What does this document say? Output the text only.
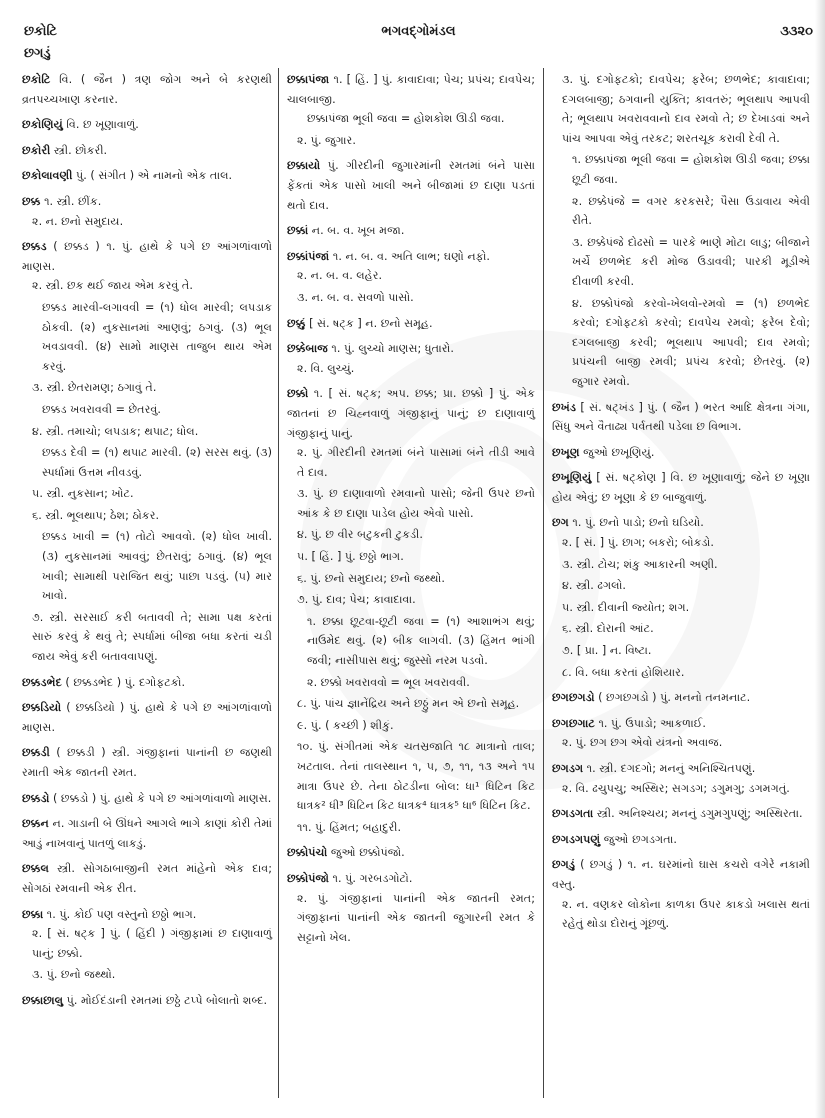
છકોટિ	ભગવદ્ગોમંડલ	૩૩૨૦
છગડું
છકોટિ વિ. ( જૈન ) ત્રણ જોગ અને બે કરણથી વ્રતપચ્ચખાણ કરનાર.
છકોણિયું વિ. છ ખૂણાવાળું.
છકોરી સ્ત્રી. છોકરી.
છકોલાવણી પું. ( સંગીત ) એ નામનો એક તાલ.
છક્ક ૧. સ્ત્રી. છીંક.
૨. ન. છનો સમુદાય.
છક્કડ ( છક્કડ ) ૧. પું. હાથે કે પગે છ આંગળાંવાળો માણસ.
૨. સ્ત્રી. છક થઈ જાય એમ કરવું તે.
છક્કડ મારવી-લગાવવી = (૧) ધોલ મારવી; લપડાક ઠોકવી. (૨) નુકસાનમાં આણવું; ઠગવું. (૩) ભૂલ ખવડાવવી. (૪) સામો માણસ તાજુબ થાય એમ કરવું.
૩. સ્ત્રી. છેતરામણ; ઠગાવું તે.
છક્કડ ખવરાવવી = છેતરવું.
૪. સ્ત્રી. તમાચો; લપડાક; થપાટ; ધોલ.
છક્કડ દેવી = (૧) થપાટ મારવી. (૨) સરસ થવું. (૩) સ્પર્ધામાં ઉત્તમ નીવડવું.
૫. સ્ત્રી. નુકસાન; ખોટ.
૬. સ્ત્રી. ભૂલથાપ; ઠેશ; ઠોકર.
છક્કડ ખાવી = (૧) તોટો આવવો. (૨) ધોલ ખાવી. (૩) નુકસાનમાં આવવું; છેતરાવું; ઠગાવું. (૪) ભૂલ ખાવી; સામાથી પરાજિત થવું; પાછા પડવું. (૫) માર ખાવો.
૭. સ્ત્રી. સરસાઈ કરી બતાવવી તે; સામા પક્ષ કરતાં સારું કરવું કે થવું તે; સ્પર્ધામાં બીજા બધા કરતાં ચડી જાય એવું કરી બતાવવાપણું.
છક્કડભેદ ( છક્કડભેદ ) પું. દગોફટકો.
છક્કડિયો ( છક્કડિયો ) પું. હાથે કે પગે છ આંગળાંવાળો માણસ.
છક્કડી ( છક્કડી ) સ્ત્રી. ગંજીફાનાં પાનાંની છ જણથી રમાતી એક જાતની રમત.
છક્કડો ( છક્કડો ) પું. હાથે કે પગે છ આંગળાંવાળો માણસ.
છક્કન ન. ગાડાની બે ઊંધને આગલે ભાગે કાણાં કોરી તેમાં આડું નાખવાનું પાતળું લાકડું.
છક્કલ સ્ત્રી. સોગઠાબાજીની રમત માંહેનો એક દાવ; સોગઠાં રમવાની એક રીત.
છક્કા ૧. પું. કોઈ પણ વસ્તુનો છઠ્ઠો ભાગ.
૨. [ સં. ષટ્ક ] પું. ( હિંદી ) ગંજીફામાં છ દાણાવાળું પાનું; છક્કો.
૩. પું. છનો જથ્થો.
છક્કાછાલુ પું. મોઈદંડાની રમતમાં છઠ્ઠે ટપ્પે બોલાતો શબ્દ.
છક્કાપંજા ૧. [ હિં. ] પું. કાવાદાવા; પેચ; પ્રપંચ; દાવપેચ; ચાલબાજી.
છક્કાપંજા ભૂલી જવા = હોશકોશ ઊડી જવા.
૨. પું. જુગાર.
છક્કાયો પું. ગીરદીની જુગારમાંની રમતમાં બંને પાસા ફેંકતાં એક પાસો ખાલી અને બીજામાં છ દાણા પડતાં થતો દાવ.
છક્કાં ન. બ. વ. ખૂબ મજા.
છક્કાંપંજાં ૧. ન. બ. વ. અતિ લાભ; ઘણો નફો.
૨. ન. બ. વ. લહેર.
૩. ન. બ. વ. સવળો પાસો.
છક્કું [ સં. ષટ્ક ] ન. છનો સમૂહ.
છક્કેબાજ ૧. પું. લુચ્ચો માણસ; ધુતારો.
૨. વિ. લુચ્ચું.
છક્કો ૧. [ સં. ષટ્ક; અપ. છક્ક; પ્રા. છક્કો ] પું. એક જાતનાં છ ચિહ્નવાળું ગંજીફાનું પાનું; છ દાણાવાળું ગંજીફાનું પાનું.
૨. પું. ગીરદીની રમતમાં બંને પાસામાં બંને તીડી આવે તે દાવ.
૩. પું. છ દાણાવાળો રમવાનો પાસો; જેની ઉપર છનો આંક કે છ દાણા પાડેલ હોય એવો પાસો.
૪. પું. છ વીર બટુકની ટુકડી.
૫. [ હિં. ] પું. છઠ્ઠો ભાગ.
૬. પું. છનો સમુદાય; છનો જથ્થો.
૭. પું. દાવ; પેચ; કાવાદાવા.
૧. છક્કા છૂટવા-છૂટી જવા = (૧) આશાભંગ થવું; નાઉમેદ થવું. (૨) બીક લાગવી. (૩) હિંમત ભાંગી જવી; નાસીપાસ થવું; જુસ્સો નરમ પડવો.
૨. છક્કો ખવરાવવો = ભૂલ ખવરાવવી.
૮. પું. પાંચ જ્ઞાનેંદ્રિય અને છઠ્ઠું મન એ છનો સમૂહ.
૯. પું. ( કચ્છી ) શીકું.
૧૦. પું. સંગીતમાં એક ચતસ્રજાતિ ૧૮ માત્રાનો તાલ; ખટતાલ. તેનાં તાલસ્થાન ૧, ૫, ૭, ૧૧, ૧૩ અને ૧૫ માત્રા ઉપર છે. તેના ઠોટડીના બોલ: ધા¹ ધિટિન કિટ ધાત્રક² ધી³ ધિટિન કિટ ધાત્રક⁴ ધાત્રક⁵ ધા⁶ ધિટિન કિટ.
૧૧. પું. હિંમત; બહાદુરી.
છક્કોપંચો જુઓ છક્કોપંજો.
છક્કોપંજો ૧. પું. ગરબડગોટો.
૨. પું. ગંજીફાનાં પાનાંની એક જાતની રમત; ગંજીફાનાં પાનાંની એક જાતની જુગારની રમત કે સટ્ટાનો ખેલ.
૩. પું. દગોફટકો; દાવપેચ; ફરેબ; છળભેદ; કાવાદાવા; દગલબાજી; ઠગવાની યુક્તિ; કાવતરું; ભૂલથાપ આપવી તે; ભૂલથાપ ખવરાવવાનો દાવ રમવો તે; છ દેખાડવાં અને પાંચ આપવા એવું તરકટ; શરતચૂક કરાવી દેવી તે.
૧. છક્કાપંજા ભૂલી જવા = હોશકોશ ઊડી જવા; છક્કા છૂટી જવા.
૨. છક્કેપંજે = વગર કરકસરે; પૈસા ઉડાવાય એવી રીતે.
૩. છક્કેપંજે દોઢસો = પારકે ભાણે મોટા લાડુ; બીજાને ખર્ચે છળભેદ કરી મોજ ઉડાવવી; પારકી મૂડીએ દીવાળી કરવી.
૪. છક્કોપંજો કરવો-ખેલવો-રમવો = (૧) છળભેદ કરવો; દગોફટકો કરવો; દાવપેચ રમવો; ફરેબ દેવો; દગલબાજી કરવી; ભૂલથાપ આપવી; દાવ રમવો; પ્રપંચની બાજી રમવી; પ્રપંચ કરવો; છેતરવું. (૨) જુગાર રમવો.
છખંડ [ સં. ષટ્ખંડ ] પું. ( જૈન ) ભરત આદિ ક્ષેત્રના ગંગા, સિંધુ અને વૈતાઢ્ય પર્વતથી પડેલા છ વિભાગ.
છખૂણ જુઓ છખૂણિયું.
છખૂણિયું [ સં. ષટ્કોણ ] વિ. છ ખૂણાવાળું; જેને છ ખૂણા હોય એવું; છ ખૂણા કે છ બાજુવાળું.
છગ ૧. પું. છનો પાડો; છનો ઘડિયો.
૨. [ સં. ] પું. છાગ; બકરો; બોકડો.
૩. સ્ત્રી. ટોચ; શંકુ આકારની અણી.
૪. સ્ત્રી. ઢગલો.
૫. સ્ત્રી. દીવાની જ્યોત; શગ.
૬. સ્ત્રી. દોરાની આંટ.
૭. [ પ્રા. ] ન. વિષ્ટા.
૮. વિ. બધા કરતાં હોશિયાર.
છગછગડો ( છગછગડો ) પું. મનનો તનમનાટ.
છગછગાટ ૧. પું. ઉપાડો; આકળાઈ.
૨. પું. છગ છગ એવો યંત્રનો અવાજ.
છગડગ ૧. સ્ત્રી. દગદગો; મનનું અનિશ્ચિતપણું.
૨. વિ. ઢચુપચુ; અસ્થિર; સગડગ; ડગુમગુ; ડગમગતું.
છગડગતા સ્ત્રી. અનિશ્ચય; મનનું ડગુમગુપણું; અસ્થિરતા.
છગડગપણું જુઓ છગડગતા.
છગડું ( છગડું ) ૧. ન. ઘરમાંનો ઘાસ કચરો વગેરે નકામી વસ્તુ.
૨. ન. વણકર લોકોના કાળકા ઉપર કાકડો ખલાસ થતાં રહેતું થોડા દોરાનું ગૂંછળું.
